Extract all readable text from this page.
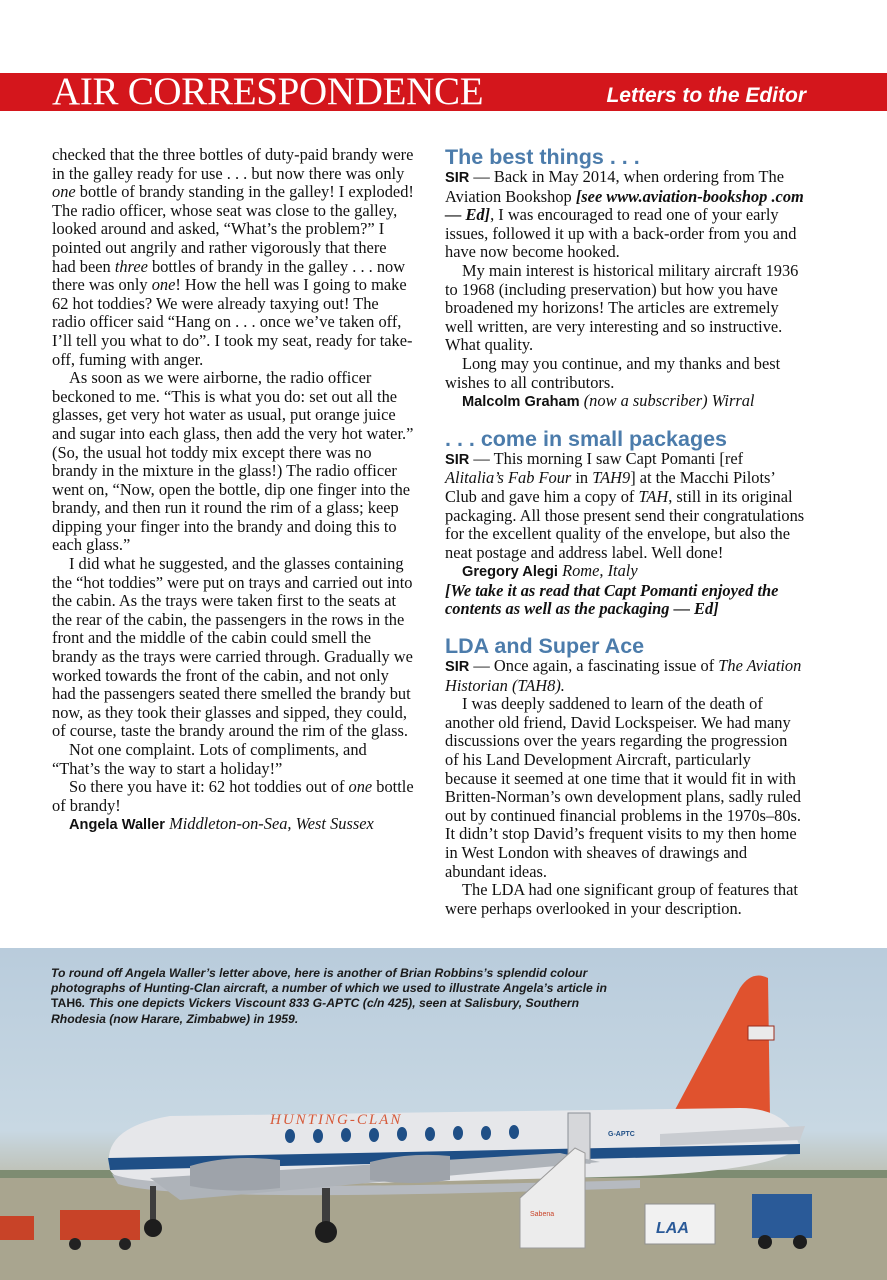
AIR CORRESPONDENCE	Letters to the Editor

checked that the three bottles of duty-paid brandy were in the galley ready for use . . . but now there was only one bottle of brandy standing in the galley! I exploded! The radio officer, whose seat was close to the galley, looked around and asked, “What’s the problem?” I pointed out angrily and rather vigorously that there had been three bottles of brandy in the galley . . . now there was only one! How the hell was I going to make 62 hot toddies? We were already taxying out! The radio officer said “Hang on . . . once we’ve taken off, I’ll tell you what to do”. I took my seat, ready for take-off, fuming with anger.

As soon as we were airborne, the radio officer beckoned to me. “This is what you do: set out all the glasses, get very hot water as usual, put orange juice and sugar into each glass, then add the very hot water.” (So, the usual hot toddy mix except there was no brandy in the mixture in the glass!) The radio officer went on, “Now, open the bottle, dip one finger into the brandy, and then run it round the rim of a glass; keep dipping your finger into the brandy and doing this to each glass.”

I did what he suggested, and the glasses containing the “hot toddies” were put on trays and carried out into the cabin. As the trays were taken first to the seats at the rear of the cabin, the passengers in the rows in the front and the middle of the cabin could smell the brandy as the trays were carried through. Gradually we worked towards the front of the cabin, and not only had the passengers seated there smelled the brandy but now, as they took their glasses and sipped, they could, of course, taste the brandy around the rim of the glass.

Not one complaint. Lots of compliments, and “That’s the way to start a holiday!”

So there you have it: 62 hot toddies out of one bottle of brandy!

Angela Waller Middleton-on-Sea, West Sussex
The best things . . .

SIR — Back in May 2014, when ordering from The Aviation Bookshop [see www.aviation-bookshop .com — Ed], I was encouraged to read one of your early issues, followed it up with a back-order from you and have now become hooked.

My main interest is historical military aircraft 1936 to 1968 (including preservation) but how you have broadened my horizons! The articles are extremely well written, are very interesting and so instructive. What quality.

Long may you continue, and my thanks and best wishes to all contributors.

Malcolm Graham (now a subscriber) Wirral
. . . come in small packages

SIR — This morning I saw Capt Pomanti [ref Alitalia’s Fab Four in TAH9] at the Macchi Pilots’ Club and gave him a copy of TAH, still in its original packaging. All those present send their congratulations for the excellent quality of the envelope, but also the neat postage and address label. Well done!

Gregory Alegi Rome, Italy

[We take it as read that Capt Pomanti enjoyed the contents as well as the packaging — Ed]

LDA and Super Ace

SIR — Once again, a fascinating issue of The Aviation Historian (TAH8).

I was deeply saddened to learn of the death of another old friend, David Lockspeiser. We had many discussions over the years regarding the progression of his Land Development Aircraft, particularly because it seemed at one time that it would fit in with Britten-Norman’s own development plans, sadly ruled out by continued financial problems in the 1970s–80s. It didn’t stop David’s frequent visits to my then home in West London with sheaves of drawings and abundant ideas.

The LDA had one significant group of features that were perhaps overlooked in your description.

HUNTING-CLAN
G-APTC
LAA
Sabena

To round off Angela Waller’s letter above, here is another of Brian Robbins’s splendid colour photographs of Hunting-Clan aircraft, a number of which we used to illustrate Angela’s article in TAH6. This one depicts Vickers Viscount 833 G-APTC (c/n 425), seen at Salisbury, Southern Rhodesia (now Harare, Zimbabwe) in 1959.
